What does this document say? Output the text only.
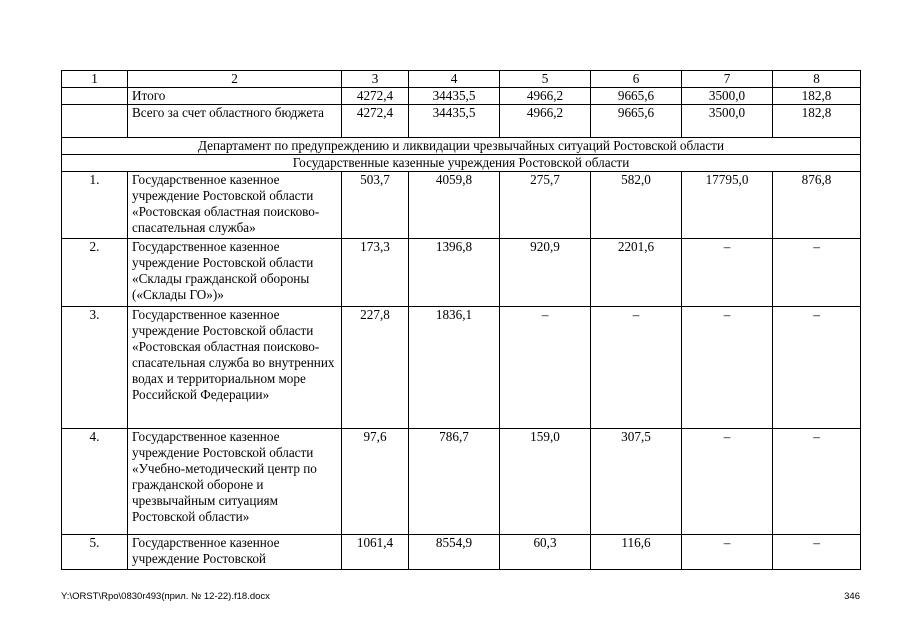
1	2	3	4	5	6	7	8
	Итого	4272,4	34435,5	4966,2	9665,6	3500,0	182,8
	Всего за счет областного бюджета	4272,4	34435,5	4966,2	9665,6	3500,0	182,8
Департамент по предупреждению и ликвидации чрезвычайных ситуаций Ростовской области							
Государственные казенные учреждения Ростовской области							
1.	Государственное казенное учреждение Ростовской области «Ростовская областная поисково-спасательная служба»	503,7	4059,8	275,7	582,0	17795,0	876,8
2.	Государственное казенное учреждение Ростовской области «Склады гражданской обороны («Склады ГО»)»	173,3	1396,8	920,9	2201,6	–	–
3.	Государственное казенное учреждение Ростовской области «Ростовская областная поисково-спасательная служба во внутренних водах и территориальном море Российской Федерации»	227,8	1836,1	–	–	–	–
4.	Государственное казенное учреждение Ростовской области «Учебно-методический центр по гражданской обороне и чрезвычайным ситуациям Ростовской области»	97,6	786,7	159,0	307,5	–	–
5.	Государственное казенное учреждение Ростовской	1061,4	8554,9	60,3	116,6	–	–
Y:\ORST\Rpo\0830r493(прил. № 12-22).f18.docx	346
